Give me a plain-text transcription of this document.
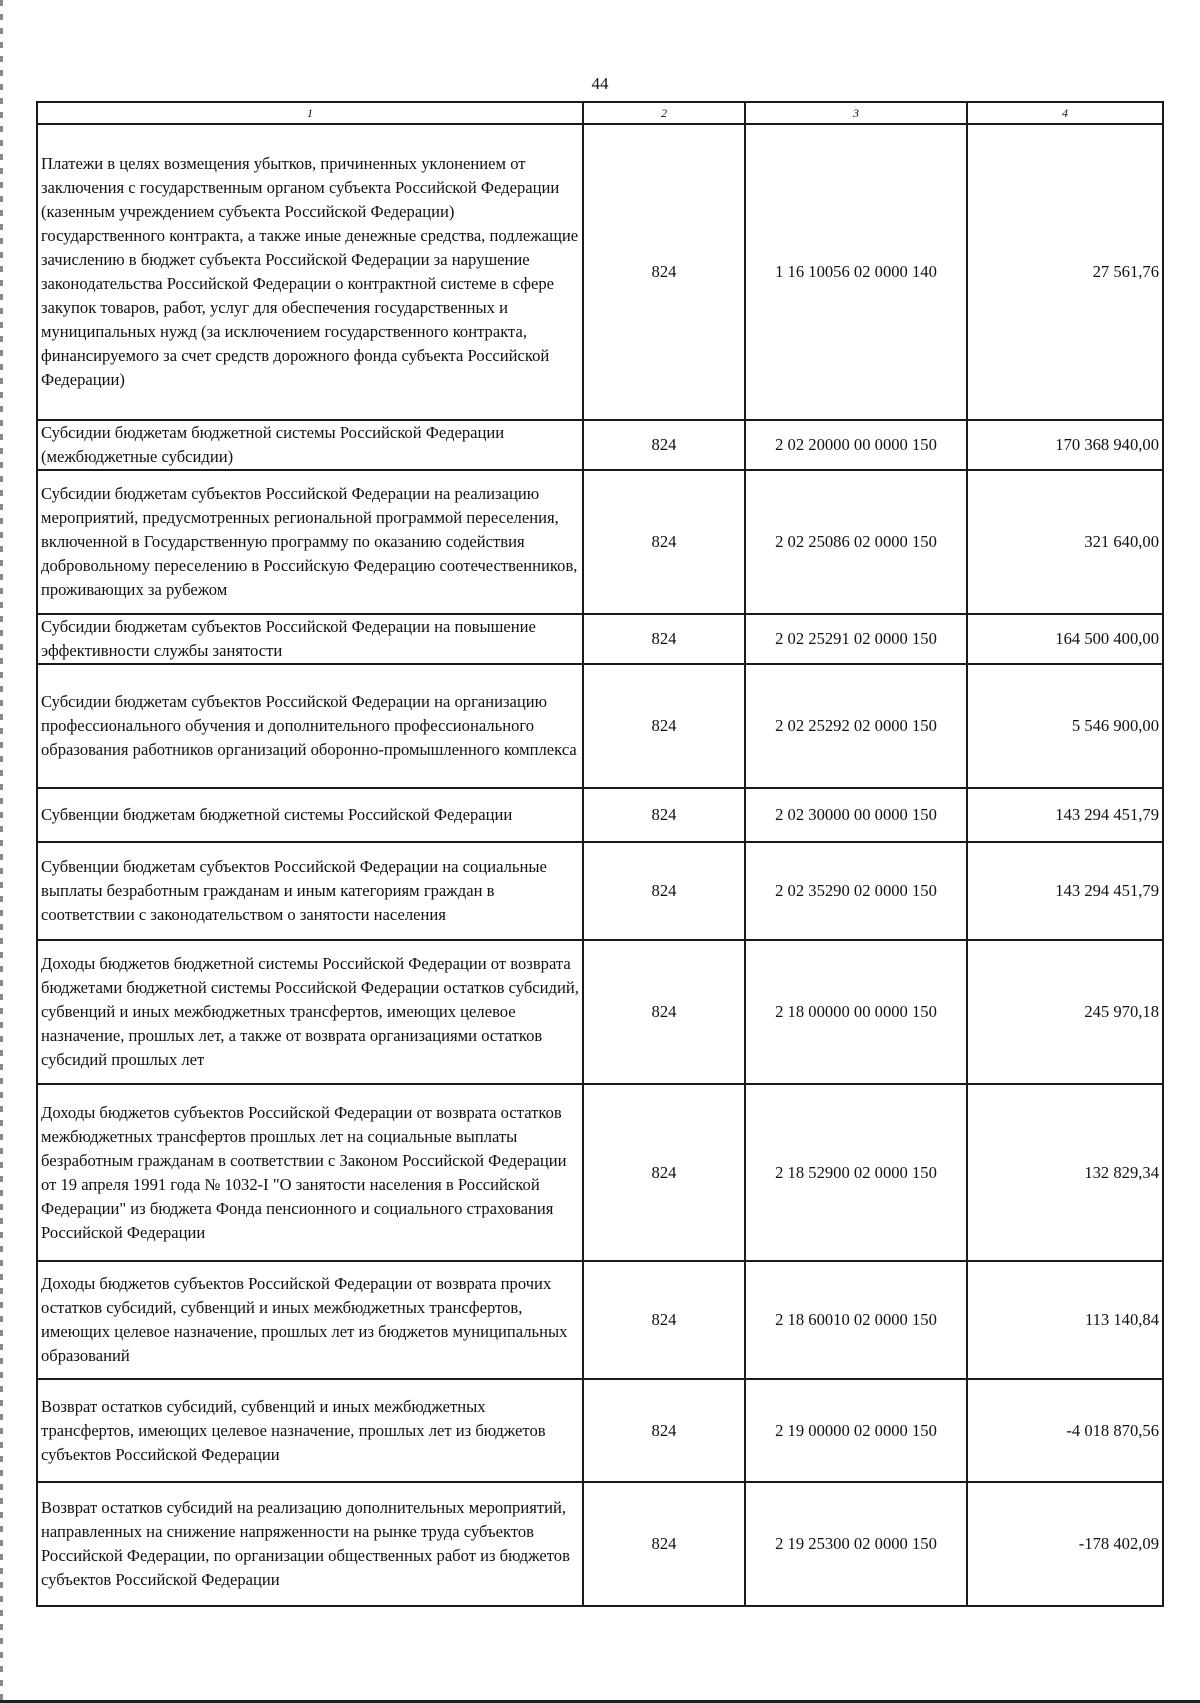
44
1	2	3	4
Платежи в целях возмещения убытков, причиненных уклонением от заключения с государственным органом субъекта Российской Федерации (казенным учреждением субъекта Российской Федерации) государственного контракта, а также иные денежные средства, подлежащие зачислению в бюджет субъекта Российской Федерации за нарушение законодательства Российской Федерации о контрактной системе в сфере закупок товаров, работ, услуг для обеспечения государственных и муниципальных нужд (за исключением государственного контракта, финансируемого за счет средств дорожного фонда субъекта Российской Федерации)	824	1 16 10056 02 0000 140	27 561,76
Субсидии бюджетам бюджетной системы Российской Федерации (межбюджетные субсидии)	824	2 02 20000 00 0000 150	170 368 940,00
Субсидии бюджетам субъектов Российской Федерации на реализацию мероприятий, предусмотренных региональной программой переселения, включенной в Государственную программу по оказанию содействия добровольному переселению в Российскую Федерацию соотечественников, проживающих за рубежом	824	2 02 25086 02 0000 150	321 640,00
Субсидии бюджетам субъектов Российской Федерации на повышение эффективности службы занятости	824	2 02 25291 02 0000 150	164 500 400,00
Субсидии бюджетам субъектов Российской Федерации на организацию профессионального обучения и дополнительного профессионального образования работников организаций оборонно-промышленного комплекса	824	2 02 25292 02 0000 150	5 546 900,00
Субвенции бюджетам бюджетной системы Российской Федерации	824	2 02 30000 00 0000 150	143 294 451,79
Субвенции бюджетам субъектов Российской Федерации на социальные выплаты безработным гражданам и иным категориям граждан в соответствии с законодательством о занятости населения	824	2 02 35290 02 0000 150	143 294 451,79
Доходы бюджетов бюджетной системы Российской Федерации от возврата бюджетами бюджетной системы Российской Федерации остатков субсидий, субвенций и иных межбюджетных трансфертов, имеющих целевое назначение, прошлых лет, а также от возврата организациями остатков субсидий прошлых лет	824	2 18 00000 00 0000 150	245 970,18
Доходы бюджетов субъектов Российской Федерации от возврата остатков межбюджетных трансфертов прошлых лет на социальные выплаты безработным гражданам в соответствии с Законом Российской Федерации от 19 апреля 1991 года № 1032-I "О занятости населения в Российской Федерации" из бюджета Фонда пенсионного и социального страхования Российской Федерации	824	2 18 52900 02 0000 150	132 829,34
Доходы бюджетов субъектов Российской Федерации от возврата прочих остатков субсидий, субвенций и иных межбюджетных трансфертов, имеющих целевое назначение, прошлых лет из бюджетов муниципальных образований	824	2 18 60010 02 0000 150	113 140,84
Возврат остатков субсидий, субвенций и иных межбюджетных трансфертов, имеющих целевое назначение, прошлых лет из бюджетов субъектов Российской Федерации	824	2 19 00000 02 0000 150	-4 018 870,56
Возврат остатков субсидий на реализацию дополнительных мероприятий, направленных на снижение напряженности на рынке труда субъектов Российской Федерации, по организации общественных работ из бюджетов субъектов Российской Федерации	824	2 19 25300 02 0000 150	-178 402,09
